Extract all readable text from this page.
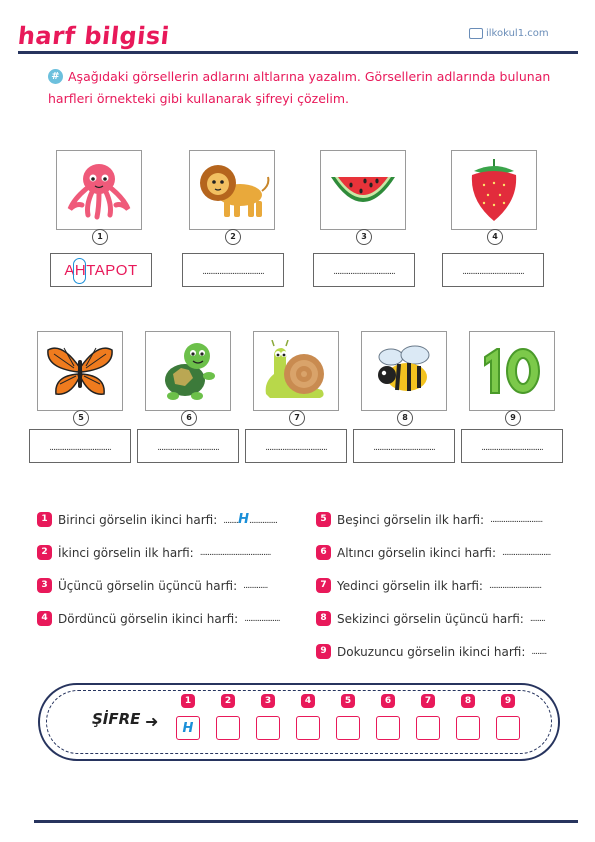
harf bilgisi	ilkokul1.com
# Aşağıdaki görsellerin adlarını altlarına yazalım. Görsellerin adlarında bulunan harfleri örnekteki gibi kullanarak şifreyi çözelim.
1	2	3	4
AHTAPOT	.................................	.................................	.................................
5	6	7	8	9
.................................	.................................	.................................	.................................	.................................
1 Birinci görselin ikinci harfi: ........ H ...............
2 İkinci görselin ilk harfi: ......................................
3 Üçüncü görselin üçüncü harfi: .............
4 Dördüncü görselin ikinci harfi: ...................
5 Beşinci görselin ilk harfi: ............................
6 Altıncı görselin ikinci harfi: ..........................
7 Yedinci görselin ilk harfi: ............................
8 Sekizinci görselin üçüncü harfi: ........
9 Dokuzuncu görselin ikinci harfi: ........
ŞİFRE ➜
1
H
2	3	4	5	6	7	8	9
